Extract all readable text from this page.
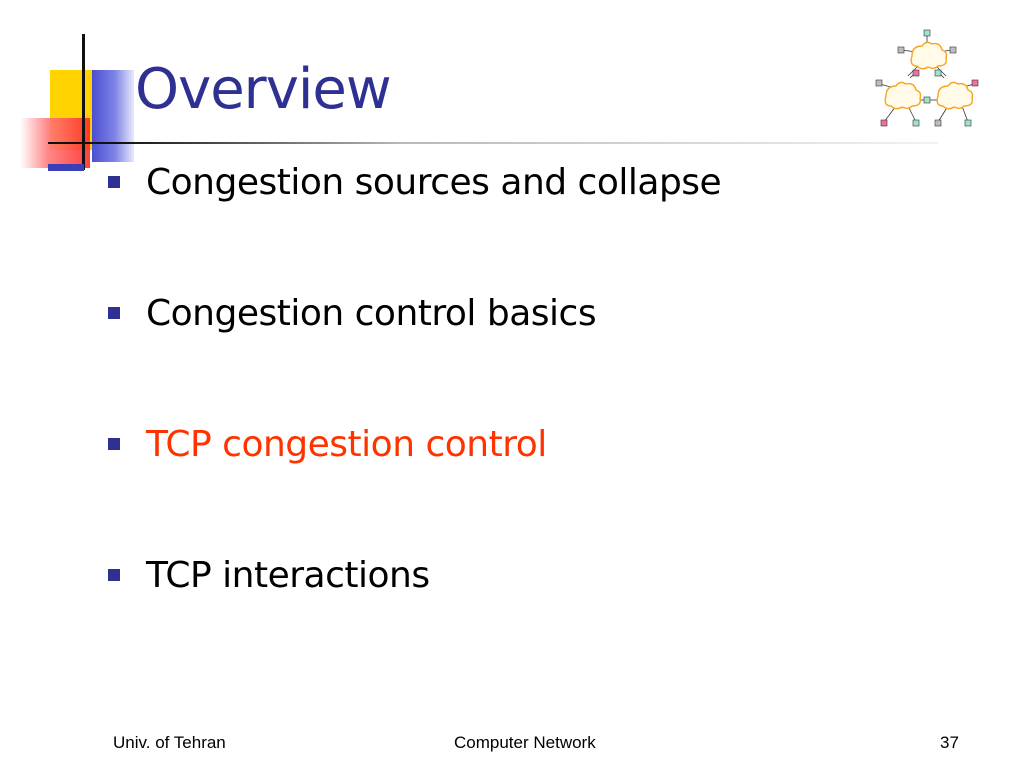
Overview
Congestion sources and collapse
Congestion control basics
TCP congestion control
TCP interactions
Univ. of Tehran	Computer Network	37
